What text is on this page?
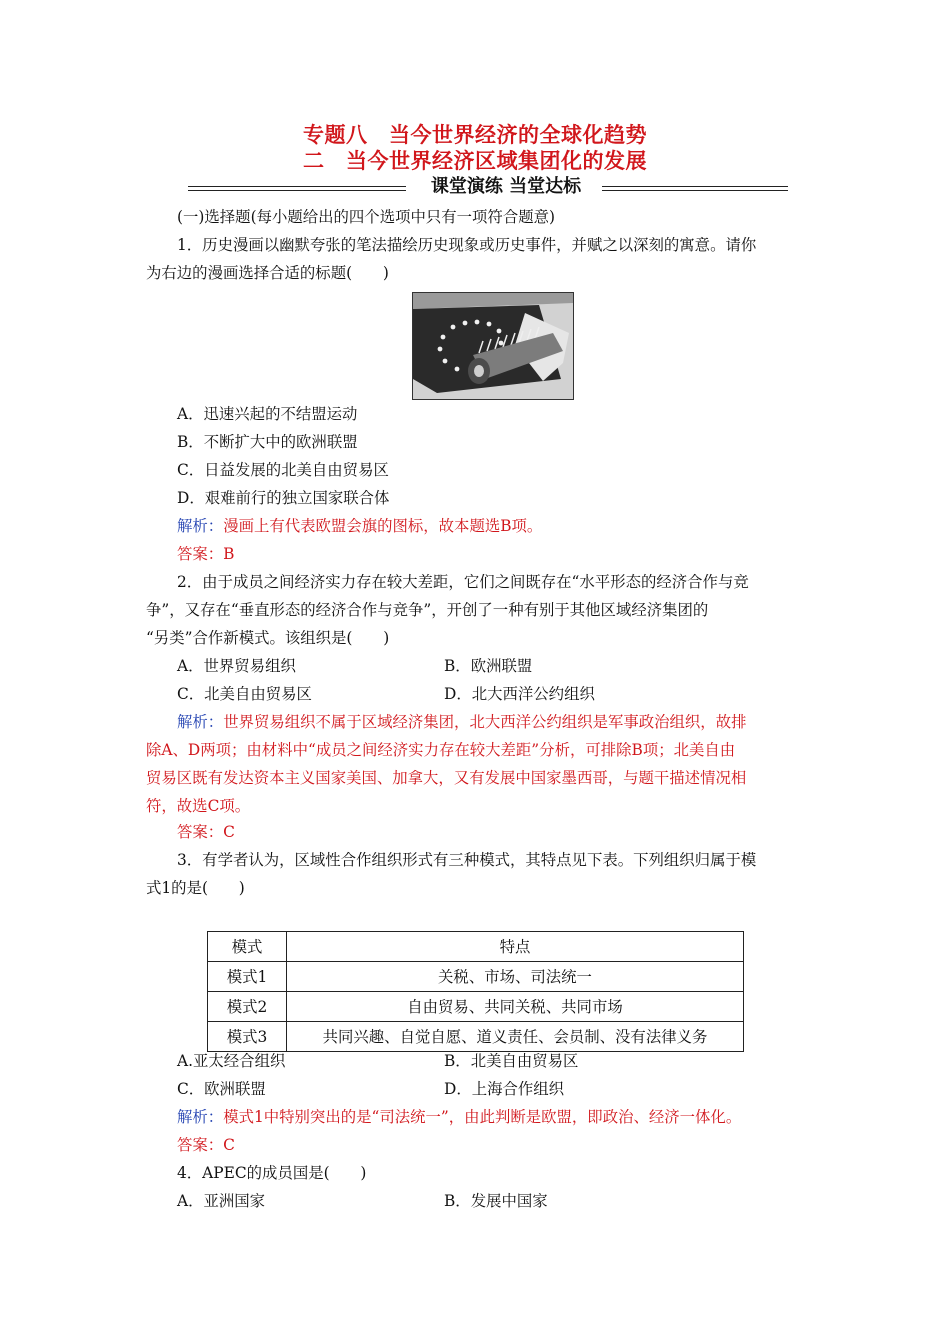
专题八　当今世界经济的全球化趋势
二　当今世界经济区域集团化的发展
课堂演练 当堂达标
(一)选择题(每小题给出的四个选项中只有一项符合题意)
1．历史漫画以幽默夸张的笔法描绘历史现象或历史事件，并赋之以深刻的寓意。请你
为右边的漫画选择合适的标题(　　)
A．迅速兴起的不结盟运动
B．不断扩大中的欧洲联盟
C．日益发展的北美自由贸易区
D．艰难前行的独立国家联合体
解析：漫画上有代表欧盟会旗的图标，故本题选B项。
答案：B
2．由于成员之间经济实力存在较大差距，它们之间既存在“水平形态的经济合作与竞
争”，又存在“垂直形态的经济合作与竞争”，开创了一种有别于其他区域经济集团的
“另类”合作新模式。该组织是(　　)
A．世界贸易组织	B．欧洲联盟
C．北美自由贸易区	D．北大西洋公约组织
解析：世界贸易组织不属于区域经济集团，北大西洋公约组织是军事政治组织，故排
除A、D两项；由材料中“成员之间经济实力存在较大差距”分析，可排除B项；北美自由
贸易区既有发达资本主义国家美国、加拿大，又有发展中国家墨西哥，与题干描述情况相
符，故选C项。
答案：C
3．有学者认为，区域性合作组织形式有三种模式，其特点见下表。下列组织归属于模
式1的是(　　)
模式	特点
模式1	关税、市场、司法统一
模式2	自由贸易、共同关税、共同市场
模式3	共同兴趣、自觉自愿、道义责任、会员制、没有法律义务
A.亚太经合组织	B．北美自由贸易区
C．欧洲联盟	D．上海合作组织
解析：模式1中特别突出的是“司法统一”，由此判断是欧盟，即政治、经济一体化。
答案：C
4．APEC的成员国是(　　)
A．亚洲国家	B．发展中国家
